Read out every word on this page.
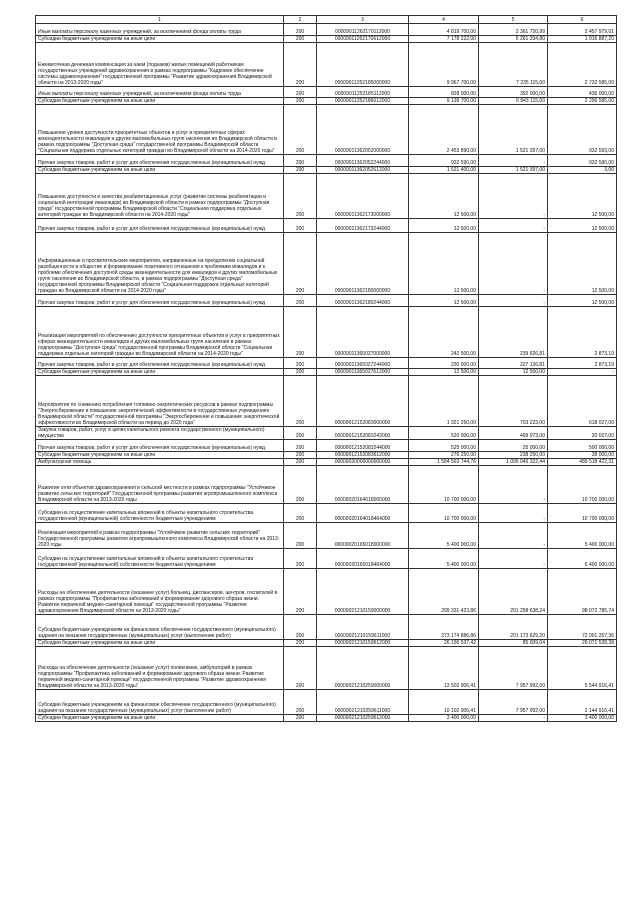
1	2	3	4	5	6
Иные выплаты персоналу казенных учреждений, за исключением фонда оплаты труда	200	00009011262170112000	4 819 700,00	2 361 720,99	2 457 979,01
Субсидии бюджетным учреждениям на иные цели	200	00009011262170612000	7 178 222,00	5 261 334,80	1 916 887,20
Ежемесячная денежная компенсация за наем (поднаем) жилых помещений работникам государственных учреждений здравоохранения в рамках подпрограммы "Кадровое обеспечение системы здравоохранения" государственной программы "Развитие здравоохранения Владимирской области на 2013-2020 годы"	200	00009011252185000000	9 967 700,00	7 235 115,00	2 732 585,00
Иные выплаты персоналу казенных учреждений, за исключением фонда оплаты труда	200	00009011252185112000	828 000,00	392 000,00	436 000,00
Субсидии бюджетным учреждениям на иные цели	200	00009011252186612000	9 139 700,00	6 843 115,00	2 296 585,00
Повышение уровня доступности приоритетных объектов и услуг в приоритетных сферах жизнедеятельности инвалидов и других маломобильных групп населения во Владимирской области в рамках подпрограммы "Доступная среда" государственной программы Владимирской области "Социальная поддержка отдельных категорий граждан во Владимирской области на 2014-2020 годы"	200	00009011362052000000	2 453 890,00	1 521 397,00	932 593,00
Прочая закупка товаров, работ и услуг для обеспечения государственных (муниципальных) нужд	200	00009011362052244000	932 590,00	-	932 590,00
Субсидии бюджетным учреждениям на иные цели	200	00009011362052612000	1 521 400,00	1 521 397,00	3,00
Повышение доступности и качества реабилитационных услуг (развитие системы реабилитации и социальной интеграции инвалидов) во Владимирской области в рамках подпрограммы "Доступная среда" государственной программы Владимирской области "Социальная поддержка отдельных категорий граждан во Владимирской области на 2014-2020 годы"	200	00009011362173000000	12 500,00	-	12 500,00
Прочая закупка товаров, работ и услуг для обеспечения государственных (муниципальных) нужд	200	00009011362173244000	12 500,00	-	12 500,00
Информационные и просветительские мероприятия, направленные на преодоление социальной разобщенности в обществе и формирование позитивного отношения к проблемам инвалидов и к проблеме обеспечения доступной среды жизнедеятельности для инвалидов и других маломобильных групп населения во Владимирской области, в рамках подпрограммы "Доступная среда" государственной программы Владимирской области "Социальная поддержка отдельных категорий граждан во Владимирской области на 2014-2020 годы"	200	00009011362180000000	12 500,00	-	12 500,00
Прочая закупка товаров, работ и услуг для обеспечения государственных (муниципальных) нужд	200	00009011362180244000	12 500,00	-	12 500,00
Реализация мероприятий по обеспечению доступности приоритетных объектов и услуг в приоритетных сферах жизнедеятельности инвалидов и других маломобильных групп населения в рамках подпрограммы "Доступная среда" государственной программы Владимирской области "Социальная поддержка отдельных категорий граждан во Владимирской области на 2014-2020 годы"	200	00009011365027000000	242 500,00	239 626,81	2 873,19
Прочая закупка товаров, работ и услуг для обеспечения государственных (муниципальных) нужд	200	00009011365027244000	230 000,00	227 126,81	2 873,19
Субсидии бюджетным учреждениям на иные цели	200	00009011365027612000	12 500,00	12 500,00	-
Мероприятия по снижению потребления топливно-энергетических ресурсов в рамках подпрограммы "Энергосбережение и повышение энергетической эффективности в государственных учреждениях Владимирской области" государственной программы "Энергосбережение и повышение энергетической эффективности во Владимирской области на период до 2020 года"	200	00009012152083000000	1 321 250,00	703 223,00	618 027,00
Закупка товаров, работ, услуг в целях капитального ремонта государственного (муниципального) имущества	200	00009012152083243000	520 000,00	499 973,00	20 027,00
Прочая закупка товаров, работ и услуг для обеспечения государственных (муниципальных) нужд	200	00009012152083244000	525 000,00	25 000,00	500 000,00
Субсидии бюджетным учреждениям на иные цели	200	00009012152083612000	276 250,00	238 250,00	38 000,00
Амбулаторная помощь	200	00009020000000000000	1 584 563 744,76	1 095 045 322,44	489 518 422,31
Развитие сети объектов здравоохранения в сельской местности в рамках подпрограммы "Устойчивое развитие сельских территорий" Государственной программы развития агропромышленного комплекса Владимирской области на 2013-2020 годы	200	00009020164018000000	10 700 000,00	-	10 700 000,00
Субсидии на осуществление капитальных вложений в объекты капитального строительства государственной (муниципальной) собственности бюджетным учреждениям	200	00009020164018464000	10 700 000,00	-	10 700 000,00
Реализация мероприятий в рамках подпрограммы "Устойчивое развитие сельских территорий" Государственной программы развития агропромышленного комплекса Владимирской области на 2013-2020 годы	200	00009020165018000000	5 400 000,00	-	5 400 000,00
Субсидии на осуществление капитальных вложений в объекты капитального строительства государственной (муниципальной) собственности бюджетным учреждениям	200	00009020165018464000	5 400 000,00	-	5 400 000,00
Расходы на обеспечение деятельности (оказание услуг) больниц, диспансеров, центров, госпиталей в рамках подпрограммы "Профилактика заболеваний и формирование здорового образа жизни. Развитие первичной медико-санитарной помощи" государственной программы "Развитие здравоохранения Владимирской области на 2013-2020 годы"	200	00009021210159000000	299 331 423,86	201 258 638,24	98 072 785,74
Субсидии бюджетным учреждениям на финансовое обеспечение государственного (муниципального) задания на оказание государственных (муниципальных) услуг (выполнение работ)	200	00009021210159611000	273 174 886,86	201 173 629,20	72 001 257,36
Субсидии бюджетным учреждениям на иные цели	200	00009021210159612000	26 156 537,42	85 009,04	26 071 528,38
Расходы на обеспечение деятельности (оказание услуг) поликлиник, амбулаторий в рамках подпрограммы "Профилактика заболеваний и формирование здорового образа жизни. Развитие первичной медико-санитарной помощи" государственной программы "Развитие здравоохранения Владимирской области на 2013-2020 годы"	200	00009021210259000000	13 502 906,41	7 957 992,00	5 544 916,41
Субсидии бюджетным учреждениям на финансовое обеспечение государственного (муниципального) задания на оказание государственных (муниципальных) услуг (выполнение работ)	200	00009021210259611000	10 102 906,41	7 957 992,00	2 144 916,41
Субсидии бюджетным учреждениям на иные цели	200	00009021210259612000	3 400 000,00	-	3 400 000,00
